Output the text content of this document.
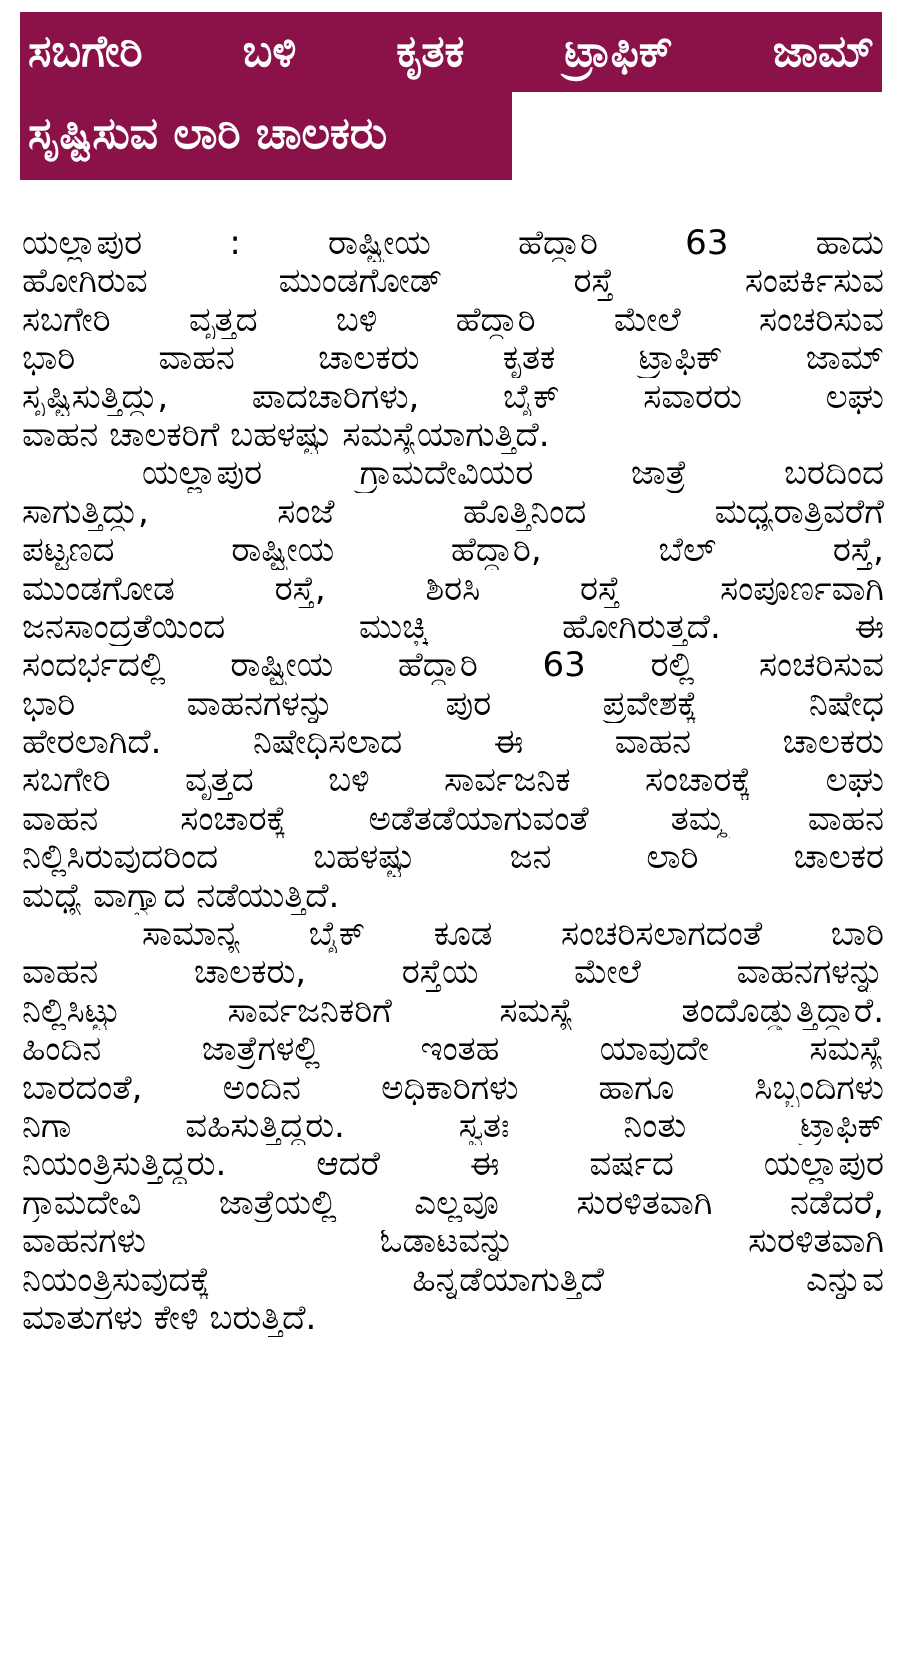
ಸಬಗೇರಿ ಬಳಿ ಕೃತಕ ಟ್ರಾಫಿಕ್ ಜಾಮ್
ಸೃಷ್ಟಿಸುವ ಲಾರಿ ಚಾಲಕರು
ಯಲ್ಲಾಪುರ : ರಾಷ್ಟ್ರೀಯ ಹೆದ್ದಾರಿ 63 ಹಾದು
ಹೋಗಿರುವ ಮುಂಡಗೋಡ್ ರಸ್ತೆ ಸಂಪರ್ಕಿಸುವ
ಸಬಗೇರಿ ವೃತ್ತದ ಬಳಿ ಹೆದ್ದಾರಿ ಮೇಲೆ ಸಂಚರಿಸುವ
ಭಾರಿ ವಾಹನ ಚಾಲಕರು ಕೃತಕ ಟ್ರಾಫಿಕ್ ಜಾಮ್
ಸೃಷ್ಟಿಸುತ್ತಿದ್ದು, ಪಾದಚಾರಿಗಳು, ಬೈಕ್ ಸವಾರರು ಲಘು
ವಾಹನ ಚಾಲಕರಿಗೆ ಬಹಳಷ್ಟು ಸಮಸ್ಯೆಯಾಗುತ್ತಿದೆ.
ಯಲ್ಲಾಪುರ ಗ್ರಾಮದೇವಿಯರ ಜಾತ್ರೆ ಬರದಿಂದ
ಸಾಗುತ್ತಿದ್ದು, ಸಂಜೆ ಹೊತ್ತಿನಿಂದ ಮಧ್ಯರಾತ್ರಿವರೆಗೆ
ಪಟ್ಟಣದ ರಾಷ್ಟ್ರೀಯ ಹೆದ್ದಾರಿ, ಬೆಲ್ ರಸ್ತೆ,
ಮುಂಡಗೋಡ ರಸ್ತೆ, ಶಿರಸಿ ರಸ್ತೆ ಸಂಪೂರ್ಣವಾಗಿ
ಜನಸಾಂದ್ರತೆಯಿಂದ ಮುಚ್ಚಿ ಹೋಗಿರುತ್ತದೆ. ಈ
ಸಂದರ್ಭದಲ್ಲಿ ರಾಷ್ಟ್ರೀಯ ಹೆದ್ದಾರಿ 63 ರಲ್ಲಿ ಸಂಚರಿಸುವ
ಭಾರಿ ವಾಹನಗಳನ್ನು ಪುರ ಪ್ರವೇಶಕ್ಕೆ ನಿಷೇಧ
ಹೇರಲಾಗಿದೆ. ನಿಷೇಧಿಸಲಾದ ಈ ವಾಹನ ಚಾಲಕರು
ಸಬಗೇರಿ ವೃತ್ತದ ಬಳಿ ಸಾರ್ವಜನಿಕ ಸಂಚಾರಕ್ಕೆ ಲಘು
ವಾಹನ ಸಂಚಾರಕ್ಕೆ ಅಡೆತಡೆಯಾಗುವಂತೆ ತಮ್ಮ ವಾಹನ
ನಿಲ್ಲಿಸಿರುವುದರಿಂದ ಬಹಳಷ್ಟು ಜನ ಲಾರಿ ಚಾಲಕರ
ಮಧ್ಯೆ ವಾಗ್ವಾದ ನಡೆಯುತ್ತಿದೆ.
ಸಾಮಾನ್ಯ ಬೈಕ್ ಕೂಡ ಸಂಚರಿಸಲಾಗದಂತೆ ಬಾರಿ
ವಾಹನ ಚಾಲಕರು, ರಸ್ತೆಯ ಮೇಲೆ ವಾಹನಗಳನ್ನು
ನಿಲ್ಲಿಸಿಟ್ಟು ಸಾರ್ವಜನಿಕರಿಗೆ ಸಮಸ್ಯೆ ತಂದೊಡ್ಡುತ್ತಿದ್ದಾರೆ.
ಹಿಂದಿನ ಜಾತ್ರೆಗಳಲ್ಲಿ ಇಂತಹ ಯಾವುದೇ ಸಮಸ್ಯೆ
ಬಾರದಂತೆ, ಅಂದಿನ ಅಧಿಕಾರಿಗಳು ಹಾಗೂ ಸಿಬ್ಬಂದಿಗಳು
ನಿಗಾ ವಹಿಸುತ್ತಿದ್ದರು. ಸ್ವತಃ ನಿಂತು ಟ್ರಾಫಿಕ್
ನಿಯಂತ್ರಿಸುತ್ತಿದ್ದರು. ಆದರೆ ಈ ವರ್ಷದ ಯಲ್ಲಾಪುರ
ಗ್ರಾಮದೇವಿ ಜಾತ್ರೆಯಲ್ಲಿ ಎಲ್ಲವೂ ಸುರಳಿತವಾಗಿ ನಡೆದರೆ,
ವಾಹನಗಳು ಓಡಾಟವನ್ನು ಸುರಳಿತವಾಗಿ
ನಿಯಂತ್ರಿಸುವುದಕ್ಕೆ ಹಿನ್ನಡೆಯಾಗುತ್ತಿದೆ ಎನ್ನುವ
ಮಾತುಗಳು ಕೇಳಿ ಬರುತ್ತಿದೆ.
